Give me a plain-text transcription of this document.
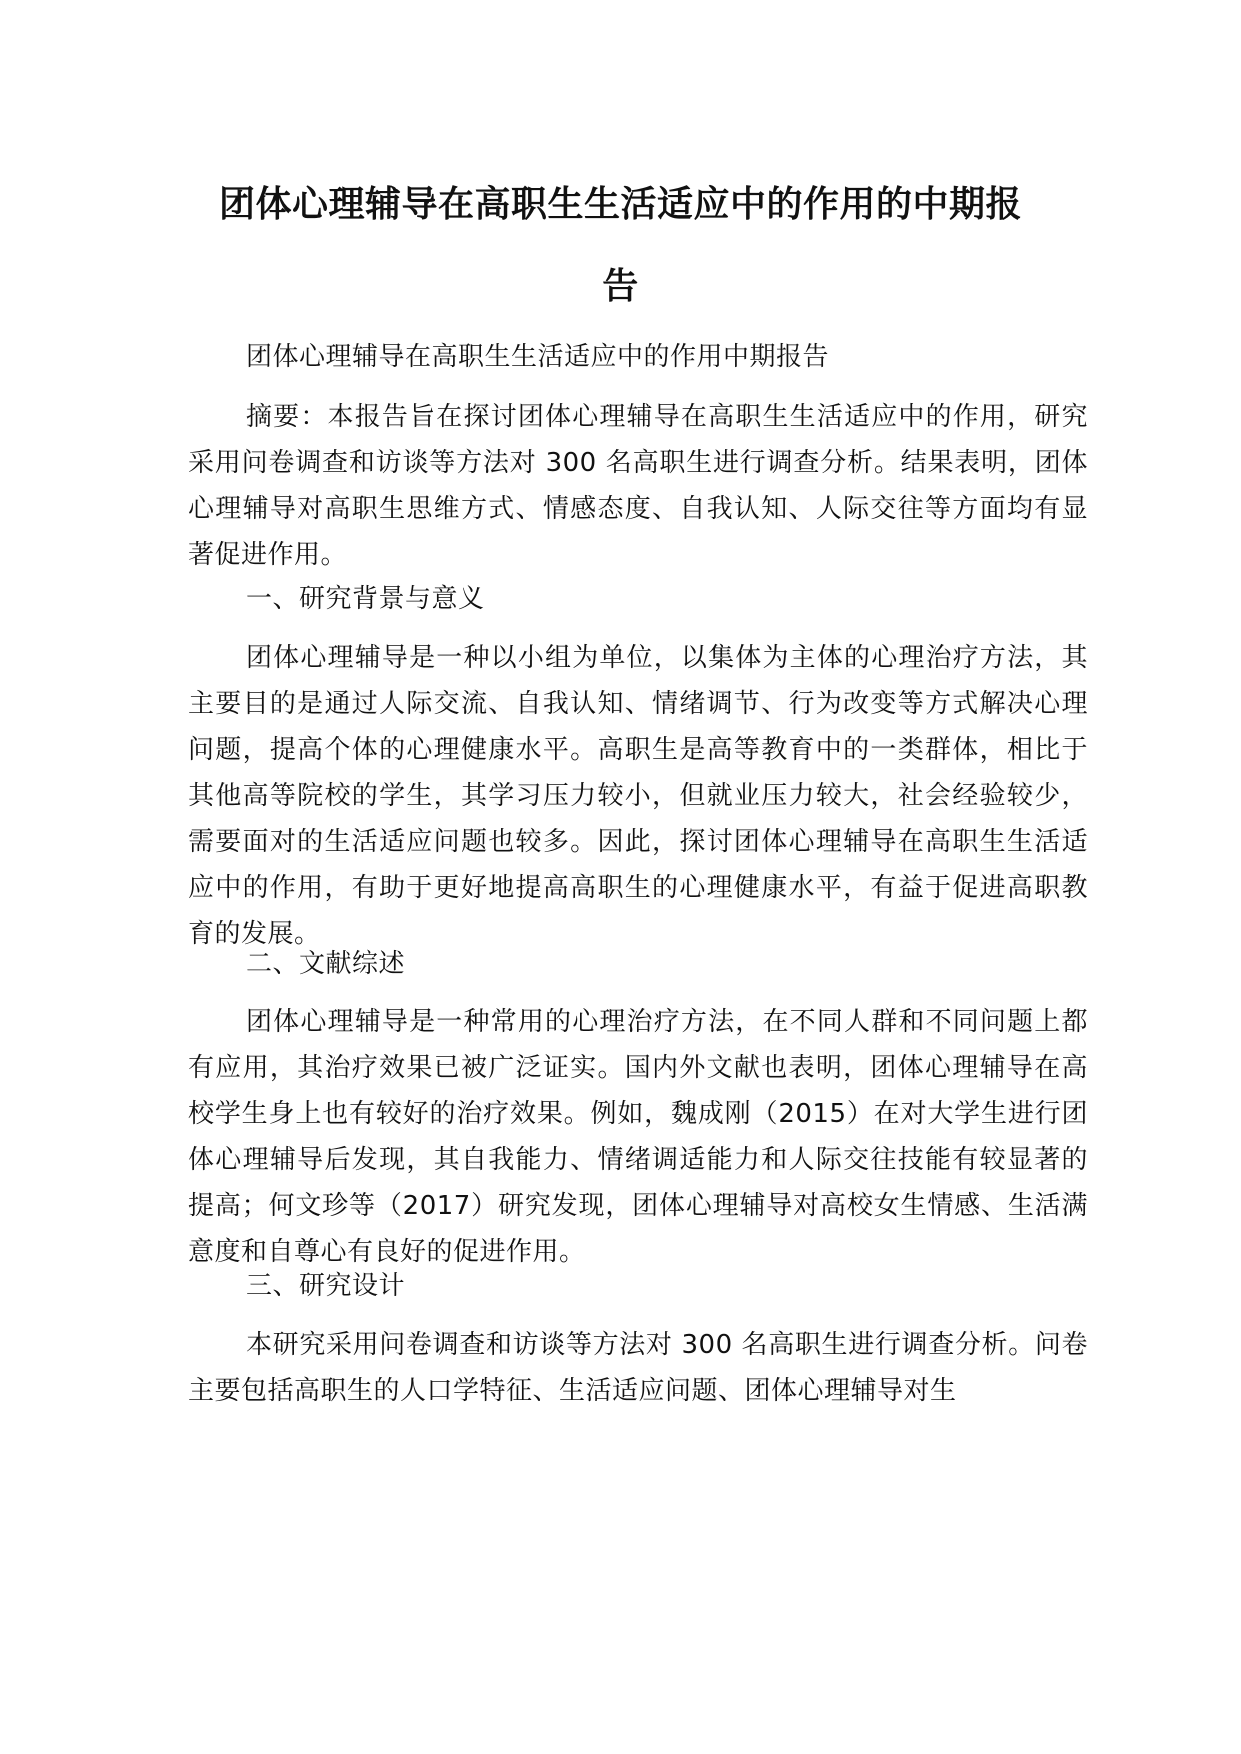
团体心理辅导在高职生生活适应中的作用的中期报
告

团体心理辅导在高职生生活适应中的作用中期报告

摘要：本报告旨在探讨团体心理辅导在高职生生活适应中的作用，研究采用问卷调查和访谈等方法对 300 名高职生进行调查分析。结果表明，团体心理辅导对高职生思维方式、情感态度、自我认知、人际交往等方面均有显著促进作用。

一、研究背景与意义

团体心理辅导是一种以小组为单位，以集体为主体的心理治疗方法，其主要目的是通过人际交流、自我认知、情绪调节、行为改变等方式解决心理问题，提高个体的心理健康水平。高职生是高等教育中的一类群体，相比于其他高等院校的学生，其学习压力较小，但就业压力较大，社会经验较少，需要面对的生活适应问题也较多。因此，探讨团体心理辅导在高职生生活适应中的作用，有助于更好地提高高职生的心理健康水平，有益于促进高职教育的发展。

二、文献综述

团体心理辅导是一种常用的心理治疗方法，在不同人群和不同问题上都有应用，其治疗效果已被广泛证实。国内外文献也表明，团体心理辅导在高校学生身上也有较好的治疗效果。例如，魏成刚（2015）在对大学生进行团体心理辅导后发现，其自我能力、情绪调适能力和人际交往技能有较显著的提高；何文珍等（2017）研究发现，团体心理辅导对高校女生情感、生活满意度和自尊心有良好的促进作用。

三、研究设计

本研究采用问卷调查和访谈等方法对 300 名高职生进行调查分析。问卷主要包括高职生的人口学特征、生活适应问题、团体心理辅导对生
